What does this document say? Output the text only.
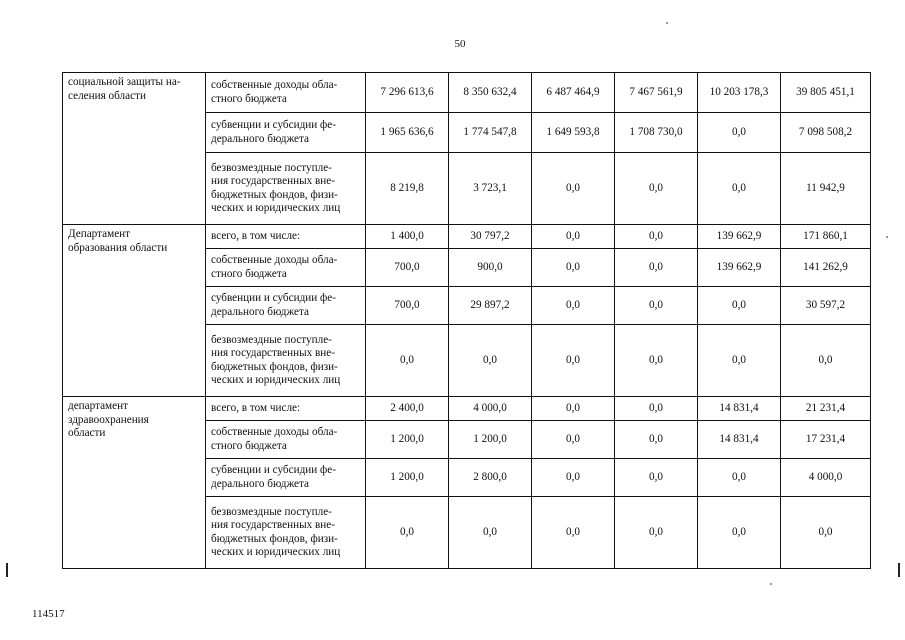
50
социальной защиты на-
селения области	собственные доходы обла-
стного бюджета	7 296 613,6	8 350 632,4	6 487 464,9	7 467 561,9	10 203 178,3	39 805 451,1
	субвенции и субсидии фе-
дерального бюджета	1 965 636,6	1 774 547,8	1 649 593,8	1 708 730,0	0,0	7 098 508,2
	безвозмездные поступле-
ния государственных вне-
бюджетных фондов, физи-
ческих и юридических лиц	8 219,8	3 723,1	0,0	0,0	0,0	11 942,9
Департамент
образования области	всего, в том числе:	1 400,0	30 797,2	0,0	0,0	139 662,9	171 860,1
	собственные доходы обла-
стного бюджета	700,0	900,0	0,0	0,0	139 662,9	141 262,9
	субвенции и субсидии фе-
дерального бюджета	700,0	29 897,2	0,0	0,0	0,0	30 597,2
	безвозмездные поступле-
ния государственных вне-
бюджетных фондов, физи-
ческих и юридических лиц	0,0	0,0	0,0	0,0	0,0	0,0
департамент
здравоохранения
области	всего, в том числе:	2 400,0	4 000,0	0,0	0,0	14 831,4	21 231,4
	собственные доходы обла-
стного бюджета	1 200,0	1 200,0	0,0	0,0	14 831,4	17 231,4
	субвенции и субсидии фе-
дерального бюджета	1 200,0	2 800,0	0,0	0,0	0,0	4 000,0
	безвозмездные поступле-
ния государственных вне-
бюджетных фондов, физи-
ческих и юридических лиц	0,0	0,0	0,0	0,0	0,0	0,0
114517
